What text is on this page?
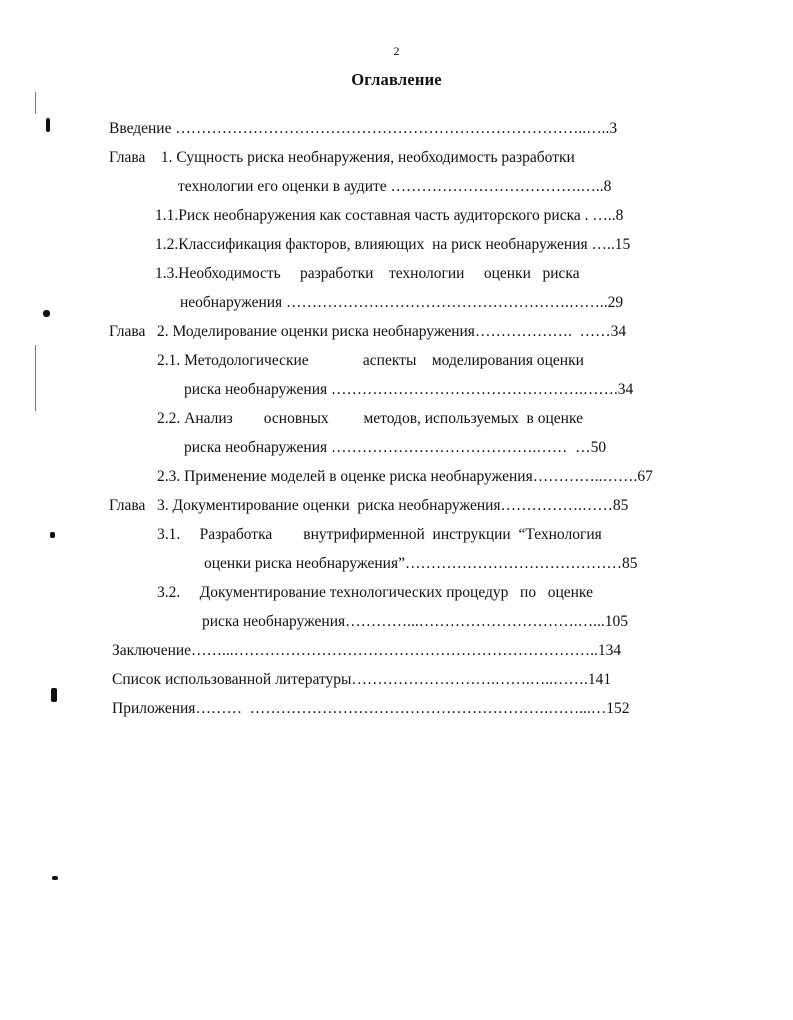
2
Оглавление
Введение ……………………………………………………………………..…..3
Глава    1. Сущность риска необнаружения, необходимость разработки
технологии его оценки в аудите ……………………………….…..8
1.1.Риск необнаружения как составная часть аудиторского риска . …..8
1.2.Классификация факторов, влияющих  на риск необнаружения …..15
1.3.Необходимость     разработки    технологии     оценки   риска
необнаружения ……………………………………………….……..29
Глава   2. Моделирование оценки риска необнаружения……………….  ……34
2.1. Методологические              аспекты    моделирования оценки
риска необнаружения ………………………………………….…….34
2.2. Анализ        основных         методов, используемых  в оценке
риска необнаружения ………………………………….……  …50
2.3. Применение моделей в оценке риска необнаружения…………..…….67
Глава   3. Документирование оценки  риска необнаружения…………….……85
3.1.     Разработка        внутрифирменной  инструкции  “Технология
оценки риска необнаружения”……………………………………85
3.2.     Документирование технологических процедур   по   оценке
риска необнаружения…………...………………………….…...105
Заключение……...……………………………………………………………..134
Список использованной литературы……………………….…….…..…….141
Приложения………  ………………………………………………….……...…152
